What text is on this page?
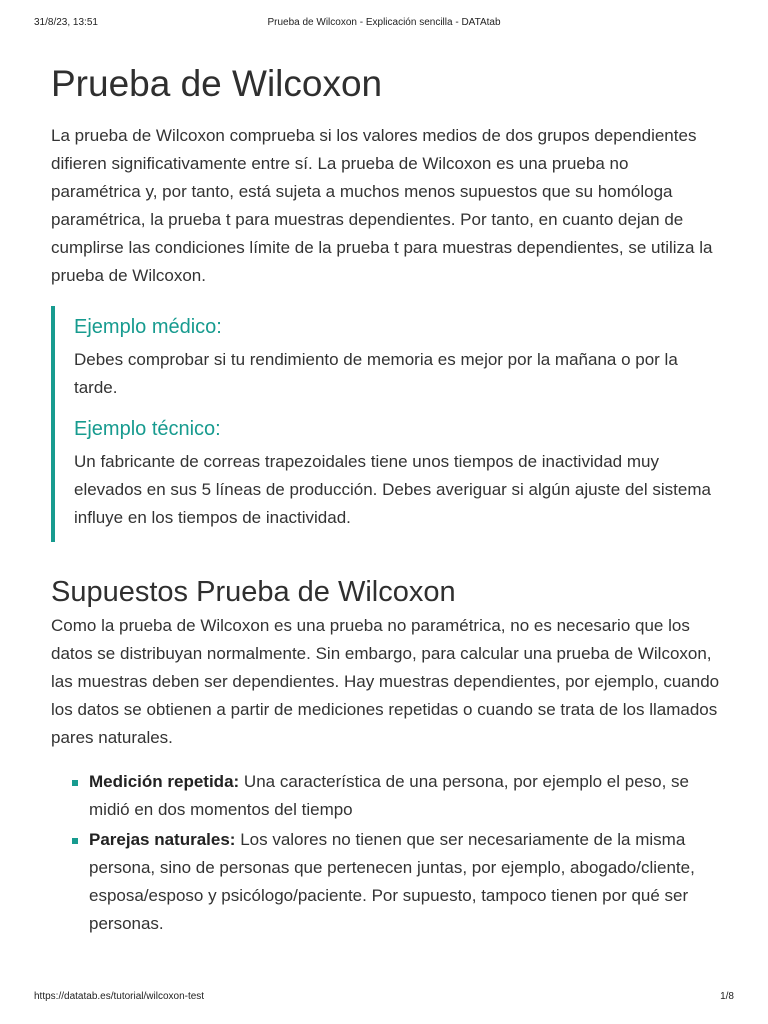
31/8/23, 13:51	Prueba de Wilcoxon - Explicación sencilla - DATAtab
Prueba de Wilcoxon

La prueba de Wilcoxon comprueba si los valores medios de dos grupos dependientes difieren significativamente entre sí. La prueba de Wilcoxon es una prueba no paramétrica y, por tanto, está sujeta a muchos menos supuestos que su homóloga paramétrica, la prueba t para muestras dependientes. Por tanto, en cuanto dejan de cumplirse las condiciones límite de la prueba t para muestras dependientes, se utiliza la prueba de Wilcoxon.

Ejemplo médico:

Debes comprobar si tu rendimiento de memoria es mejor por la mañana o por la tarde.

Ejemplo técnico:

Un fabricante de correas trapezoidales tiene unos tiempos de inactividad muy elevados en sus 5 líneas de producción. Debes averiguar si algún ajuste del sistema influye en los tiempos de inactividad.

Supuestos Prueba de Wilcoxon

Como la prueba de Wilcoxon es una prueba no paramétrica, no es necesario que los datos se distribuyan normalmente. Sin embargo, para calcular una prueba de Wilcoxon, las muestras deben ser dependientes. Hay muestras dependientes, por ejemplo, cuando los datos se obtienen a partir de mediciones repetidas o cuando se trata de los llamados pares naturales.

Medición repetida: Una característica de una persona, por ejemplo el peso, se midió en dos momentos del tiempo
Parejas naturales: Los valores no tienen que ser necesariamente de la misma persona, sino de personas que pertenecen juntas, por ejemplo, abogado/cliente, esposa/esposo y psicólogo/paciente. Por supuesto, tampoco tienen por qué ser personas.
https://datatab.es/tutorial/wilcoxon-test	1/8
